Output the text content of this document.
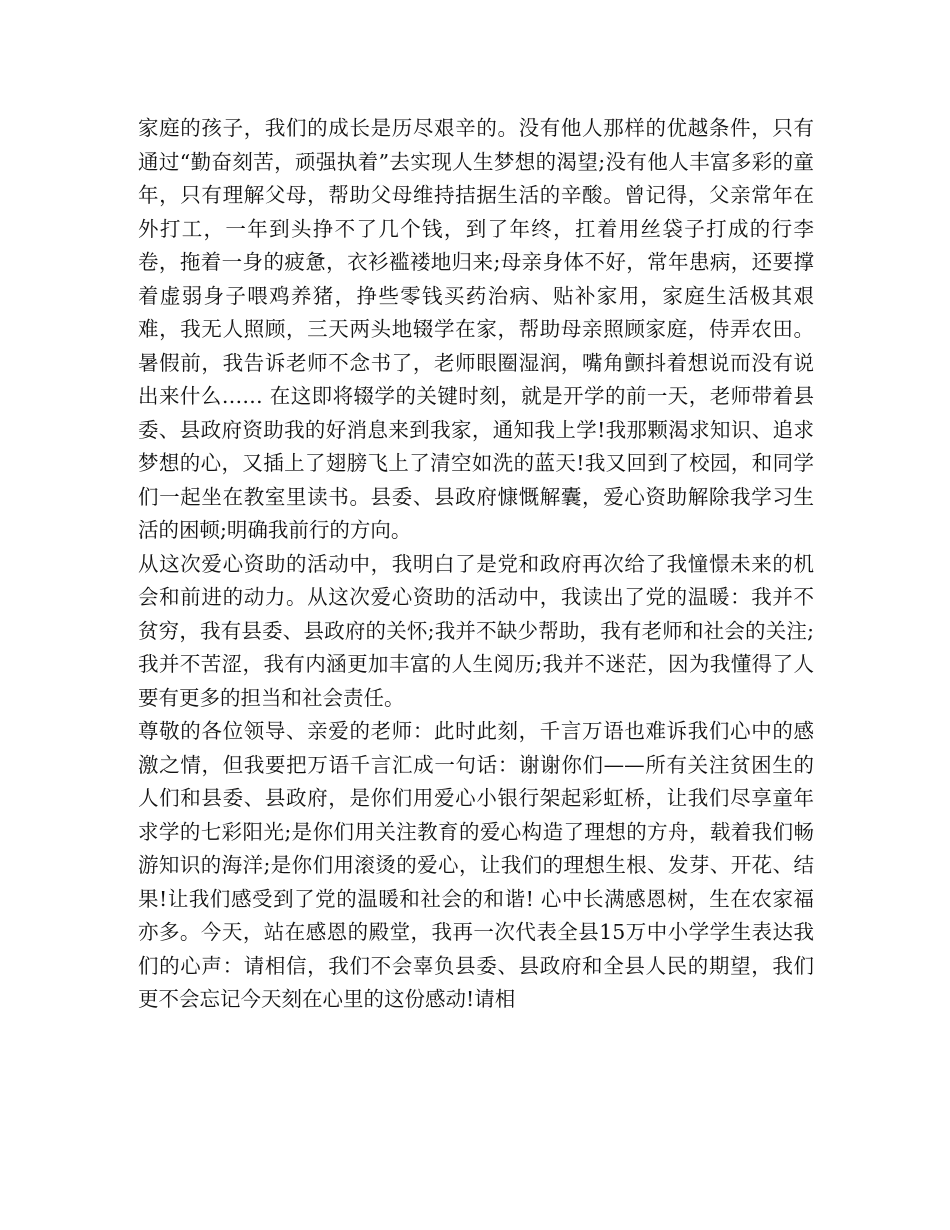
家庭的孩子，我们的成长是历尽艰辛的。没有他人那样的优越条件，只有通过“勤奋刻苦，顽强执着”去实现人生梦想的渴望;没有他人丰富多彩的童年，只有理解父母，帮助父母维持拮据生活的辛酸。曾记得，父亲常年在外打工，一年到头挣不了几个钱，到了年终，扛着用丝袋子打成的行李卷，拖着一身的疲惫，衣衫褴褛地归来;母亲身体不好，常年患病，还要撑着虚弱身子喂鸡养猪，挣些零钱买药治病、贴补家用，家庭生活极其艰难，我无人照顾，三天两头地辍学在家，帮助母亲照顾家庭，侍弄农田。暑假前，我告诉老师不念书了，老师眼圈湿润，嘴角颤抖着想说而没有说出来什么…… 在这即将辍学的关键时刻，就是开学的前一天，老师带着县委、县政府资助我的好消息来到我家，通知我上学!我那颗渴求知识、追求梦想的心，又插上了翅膀飞上了清空如洗的蓝天!我又回到了校园，和同学们一起坐在教室里读书。县委、县政府慷慨解囊，爱心资助解除我学习生活的困顿;明确我前行的方向。

从这次爱心资助的活动中，我明白了是党和政府再次给了我憧憬未来的机会和前进的动力。从这次爱心资助的活动中，我读出了党的温暖：我并不贫穷，我有县委、县政府的关怀;我并不缺少帮助，我有老师和社会的关注;我并不苦涩，我有内涵更加丰富的人生阅历;我并不迷茫，因为我懂得了人要有更多的担当和社会责任。

尊敬的各位领导、亲爱的老师：此时此刻，千言万语也难诉我们心中的感激之情，但我要把万语千言汇成一句话：谢谢你们——所有关注贫困生的人们和县委、县政府，是你们用爱心小银行架起彩虹桥，让我们尽享童年求学的七彩阳光;是你们用关注教育的爱心构造了理想的方舟，载着我们畅游知识的海洋;是你们用滚烫的爱心，让我们的理想生根、发芽、开花、结果!让我们感受到了党的温暖和社会的和谐! 心中长满感恩树，生在农家福亦多。今天，站在感恩的殿堂，我再一次代表全县15万中小学学生表达我们的心声：请相信，我们不会辜负县委、县政府和全县人民的期望，我们更不会忘记今天刻在心里的这份感动!请相
